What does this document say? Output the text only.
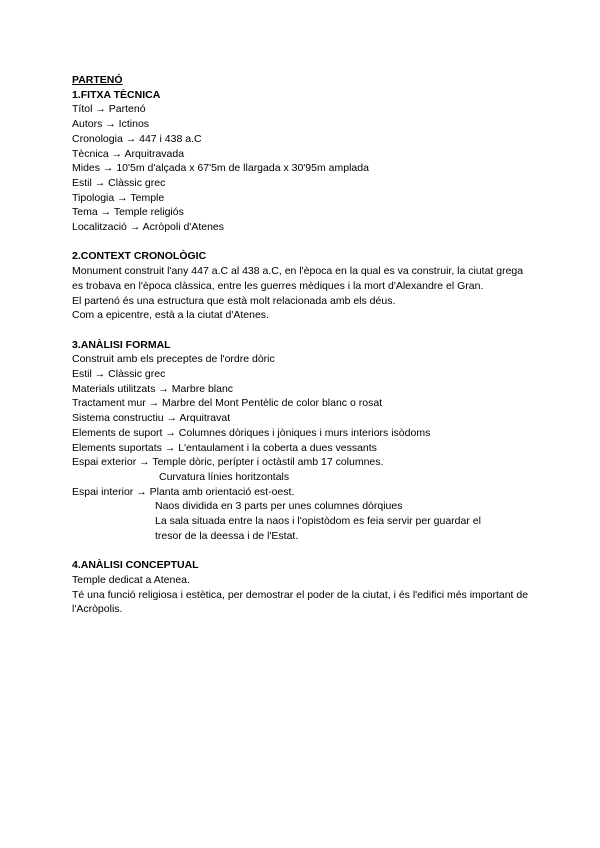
PARTENÓ
1.FITXA TÈCNICA
Títol → Partenó
Autors → Ictinos
Cronologia → 447 i 438 a.C
Tècnica → Arquitravada
Mides → 10'5m d'alçada x 67'5m de llargada x 30'95m amplada
Estil → Clàssic grec
Tipologia → Temple
Tema → Temple religiós
Localització → Acròpoli d'Atenes
2.CONTEXT CRONOLÒGIC
Monument construit l'any 447 a.C al 438 a.C, en l'època en la qual es va construir, la ciutat grega es trobava en l'època clàssica, entre les guerres mèdiques i la mort d'Alexandre el Gran.
El partenó és una estructura que està molt relacionada amb els déus.
Com a epicentre, està a la ciutat d'Atenes.
3.ANÀLISI FORMAL
Construit amb els preceptes de l'ordre dòric
Estil → Clàssic grec
Materials utilitzats → Marbre blanc
Tractament mur → Marbre del Mont Pentèlic de color blanc o rosat
Sistema constructiu → Arquitravat
Elements de suport → Columnes dòriques i jòniques i murs interiors isòdoms
Elements suportats → L'entaulament i la coberta a dues vessants
Espai exterior → Temple dòric, perípter i octàstil amb 17 columnes.
Curvatura línies horitzontals
Espai interior → Planta amb orientació est-oest.
Naos dividida en 3 parts per unes columnes dòrqiues
La sala situada entre la naos i l'opistòdom es feia servir per guardar el
tresor de la deessa i de l'Estat.
4.ANÀLISI CONCEPTUAL
Temple dedicat a Atenea.
Té una funció religiosa i estètica, per demostrar el poder de la ciutat, i és l'edifici més important de l'Acròpolis.
